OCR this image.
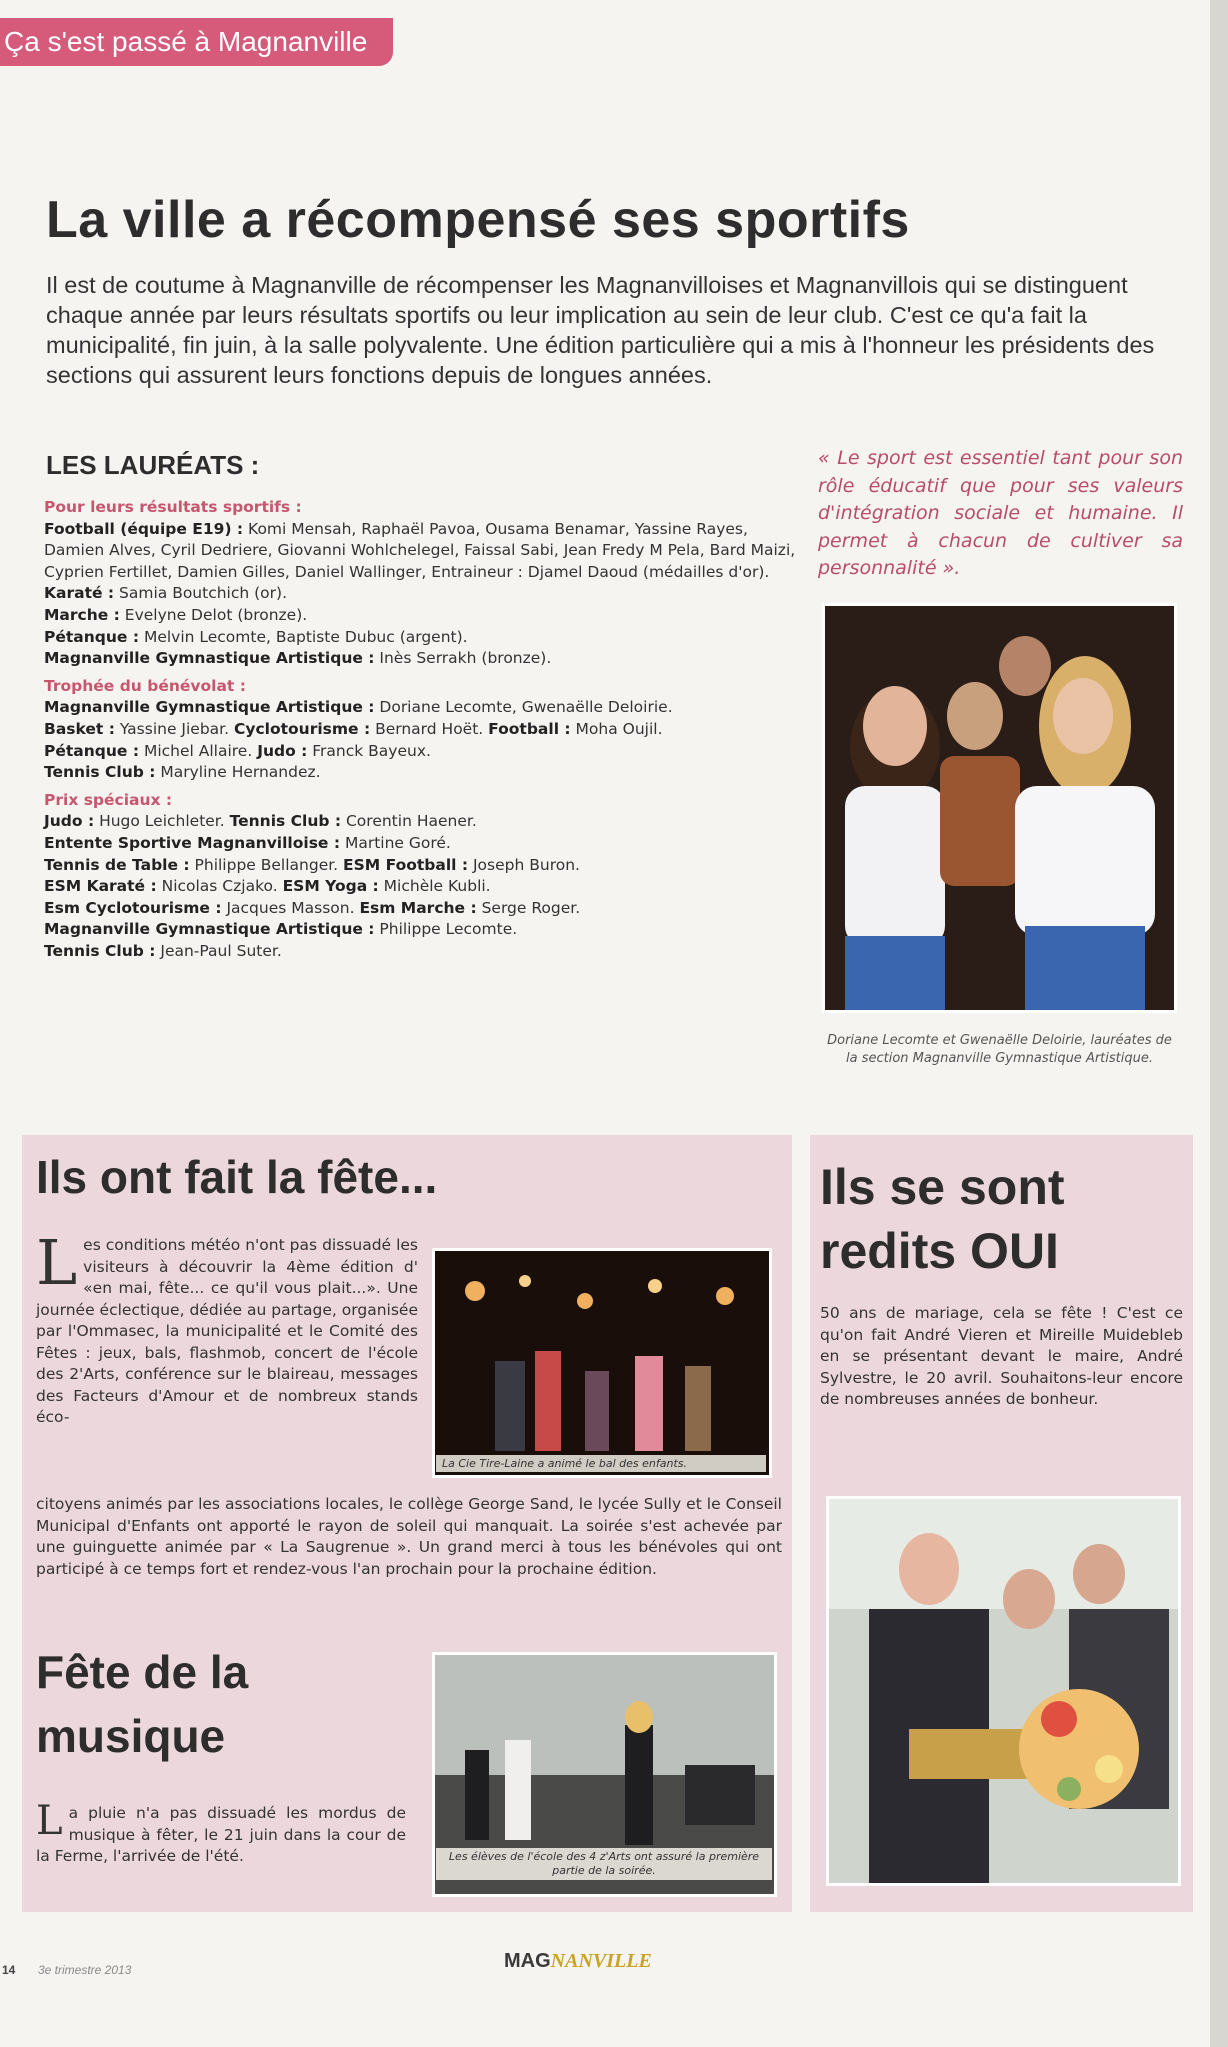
Ça s'est passé à Magnanville
La ville a récompensé ses sportifs

Il est de coutume à Magnanville de récompenser les Magnanvilloises et Magnanvillois qui se distinguent chaque année par leurs résultats sportifs ou leur implication au sein de leur club. C'est ce qu'a fait la municipalité, fin juin, à la salle polyvalente. Une édition particulière qui a mis à l'honneur les présidents des sections qui assurent leurs fonctions depuis de longues années.

LES LAURÉATS :
Pour leurs résultats sportifs :
Football (équipe E19) : Komi Mensah, Raphaël Pavoa, Ousama Benamar, Yassine Rayes, Damien Alves, Cyril Dedriere, Giovanni Wohlchelegel, Faissal Sabi, Jean Fredy M Pela, Bard Maizi, Cyprien Fertillet, Damien Gilles, Daniel Wallinger, Entraineur : Djamel Daoud (médailles d'or).
Karaté : Samia Boutchich (or).
Marche : Evelyne Delot (bronze).
Pétanque : Melvin Lecomte, Baptiste Dubuc (argent).
Magnanville Gymnastique Artistique : Inès Serrakh (bronze).
Trophée du bénévolat :
Magnanville Gymnastique Artistique : Doriane Lecomte, Gwenaëlle Deloirie.
Basket : Yassine Jiebar. Cyclotourisme : Bernard Hoët. Football : Moha Oujil.
Pétanque : Michel Allaire. Judo : Franck Bayeux.
Tennis Club : Maryline Hernandez.
Prix spéciaux :
Judo : Hugo Leichleter. Tennis Club : Corentin Haener.
Entente Sportive Magnanvilloise : Martine Goré.
Tennis de Table : Philippe Bellanger. ESM Football : Joseph Buron.
ESM Karaté : Nicolas Czjako. ESM Yoga : Michèle Kubli.
Esm Cyclotourisme : Jacques Masson. Esm Marche : Serge Roger.
Magnanville Gymnastique Artistique : Philippe Lecomte.
Tennis Club : Jean-Paul Suter.

« Le sport est essentiel tant pour son rôle éducatif que pour ses valeurs d'intégration sociale et humaine. Il permet à chacun de cultiver sa personnalité ».

Doriane Lecomte et Gwenaëlle Deloirie, lauréates de la section Magnanville Gymnastique Artistique.

Ils ont fait la fête...

Les conditions météo n'ont pas dissuadé les visiteurs à découvrir la 4ème édition d' «en mai, fête... ce qu'il vous plait...». Une journée éclectique, dédiée au partage, organisée par l'Ommasec, la municipalité et le Comité des Fêtes : jeux, bals, flashmob, concert de l'école des 2'Arts, conférence sur le blaireau, messages des Facteurs d'Amour et de nombreux stands éco-

La Cie Tire-Laine a animé le bal des enfants.

citoyens animés par les associations locales, le collège George Sand, le lycée Sully et le Conseil Municipal d'Enfants ont apporté le rayon de soleil qui manquait. La soirée s'est achevée par une guinguette animée par « La Saugrenue ». Un grand merci à tous les bénévoles qui ont participé à ce temps fort et rendez-vous l'an prochain pour la prochaine édition.

Fête de la
musique

La pluie n'a pas dissuadé les mordus de musique à fêter, le 21 juin dans la cour de la Ferme, l'arrivée de l'été.	Les élèves de l'école des 4 z'Arts ont assuré la première partie de la soirée.
Ils se sont
redits OUI

50 ans de mariage, cela se fête ! C'est ce qu'on fait André Vieren et Mireille Muidebleb en se présentant devant le maire, André Sylvestre, le 20 avril. Souhaitons-leur encore de nombreuses années de bonheur.

14 3e trimestre 2013	MAGNANVILLE
